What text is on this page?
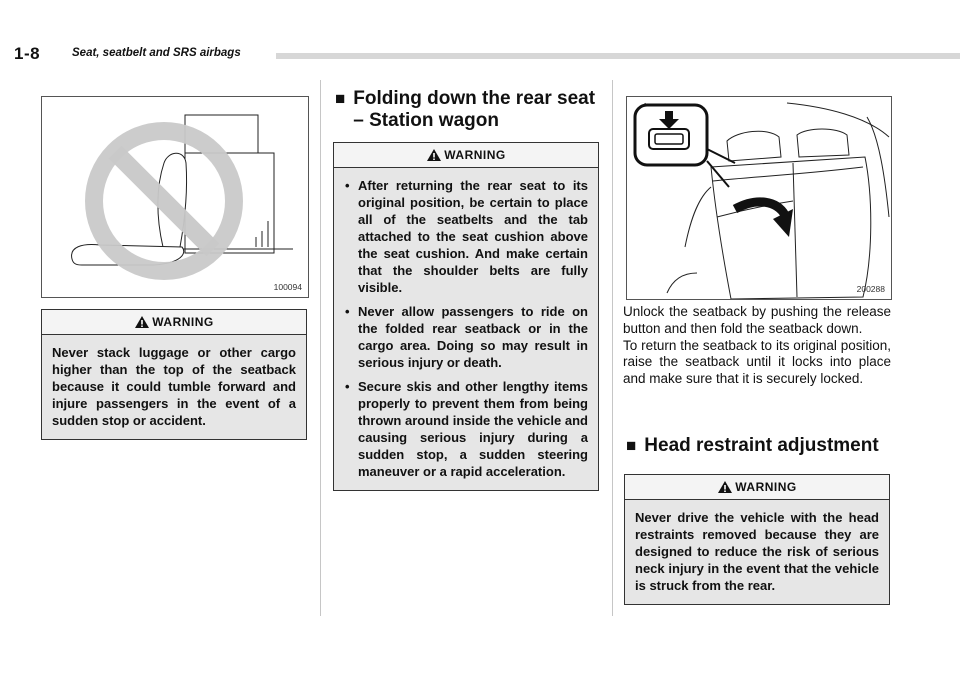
1-8	Seat, seatbelt and SRS airbags
100094
WARNING
Never stack luggage or other cargo higher than the top of the seatback because it could tumble forward and injure passengers in the event of a sudden stop or accident.
■ Folding down the rear seat – Station wagon
WARNING
• After returning the rear seat to its original position, be certain to place all of the seatbelts and the tab attached to the seat cushion above the seat cushion. And make certain that the shoulder belts are fully visible.
• Never allow passengers to ride on the folded rear seatback or in the cargo area. Doing so may result in serious injury or death.
• Secure skis and other lengthy items properly to prevent them from being thrown around inside the vehicle and causing serious injury during a sudden stop, a sudden steering maneuver or a rapid acceleration.
200288

Unlock the seatback by pushing the release button and then fold the seatback down.

To return the seatback to its original position, raise the seatback until it locks into place and make sure that it is securely locked.

■ Head restraint adjustment
WARNING
Never drive the vehicle with the head restraints removed because they are designed to reduce the risk of serious neck injury in the event that the vehicle is struck from the rear.
